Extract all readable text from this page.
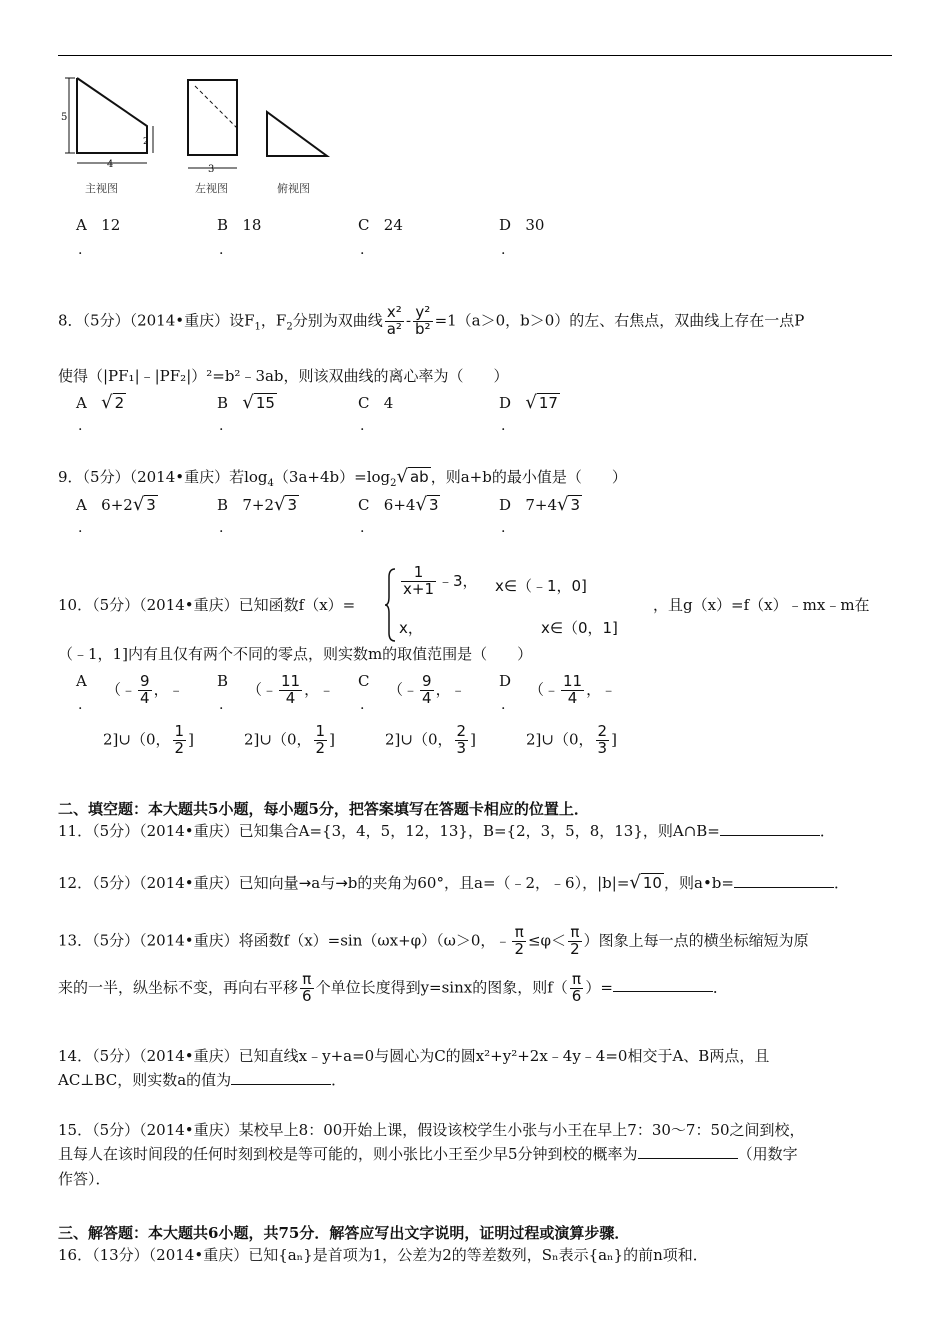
5
4
2
主视图
3
左视图	俯视图
A 12
.
B 18
.
C 24
.
D 30
.
8．（5分）（2014•重庆）设$F_1$，$F_2$分别为双曲线 $\frac{\text{x²}}{\text{a²}} - \frac{\text{y²}}{\text{b²}} =1(a>0$，b＞0）的左、右焦点，双曲线上存在一点P
使得（|PF₁|﹣|PF₂|）²=b²﹣3ab，则该双曲线的离心率为（　　）
A √ 2
.
B √ 15
.
C 4
.
D √ 17
.
9．（5分）（2014•重庆）若$\log_4(3a+4b)=\log_2√$ ab ，则a+b的最小值是（　　）
A 6+2√ 3
.
B 7+2√ 3
.
C 6+4√ 3
.
D 7+4√ 3
.
10．（5分）（2014•重庆）已知函数f（x）=
$\frac{1}{x+1}$ ﹣3， x∈（﹣1，0]
x，	x∈（0，1]
，且g（x）=f（x）﹣mx﹣m在
（﹣1，1]内有且仅有两个不同的零点，则实数m的取值范围是（　　）
A
.
（﹣ $\frac{9}{4}$ ，﹣
2]∪（0， $\frac{1}{2}$ ]
B
.
（﹣ $\frac{11}{4}$ ，﹣
2]∪（0， $\frac{1}{2}$ ]
C
.
（﹣ $\frac{9}{4}$ ，﹣
2]∪（0， $\frac{2}{3}$ ]
D
.
（﹣ $\frac{11}{4}$ ，﹣
2]∪（0， $\frac{2}{3}$ ]
二、填空题：本大题共5小题，每小题5分，把答案填写在答题卡相应的位置上．
11．（5分）（2014•重庆）已知集合A={3，4，5，12，13}，B={2，3，5，8，13}，则A∩B=	．
12．（5分）（2014•重庆）已知向量→a与→b的夹角为60°，且a=（﹣2，﹣6），|b|=√ 10 ，则a•b=	．
13．（5分）（2014•重庆）将函数f（x）=sin（ωx+φ）（ω＞0，﹣ $\frac{\pi}{2} \le\varphi< \frac{\pi}{2}$ ）图象上每一点的横坐标缩短为原
来的一半，纵坐标不变，再向右平移 $\frac{\pi}{6}$ 个单位长度得到y=sinx的图象，则$f( \frac{\pi}{6}$ ）=	．
14．（5分）（2014•重庆）已知直线x﹣y+a=0与圆心为C的圆x²+y²+2x﹣4y﹣4=0相交于A、B两点，且
AC⊥BC，则实数a的值为	．
15．（5分）（2014•重庆）某校早上8：00开始上课，假设该校学生小张与小王在早上7：30～7：50之间到校，
且每人在该时间段的任何时刻到校是等可能的，则小张比小王至少早5分钟到校的概率为	（用数字
作答）．
三、解答题：本大题共6小题，共75分．解答应写出文字说明，证明过程或演算步骤．
16．（13分）（2014•重庆）已知{aₙ}是首项为1，公差为2的等差数列，Sₙ表示{aₙ}的前n项和．
